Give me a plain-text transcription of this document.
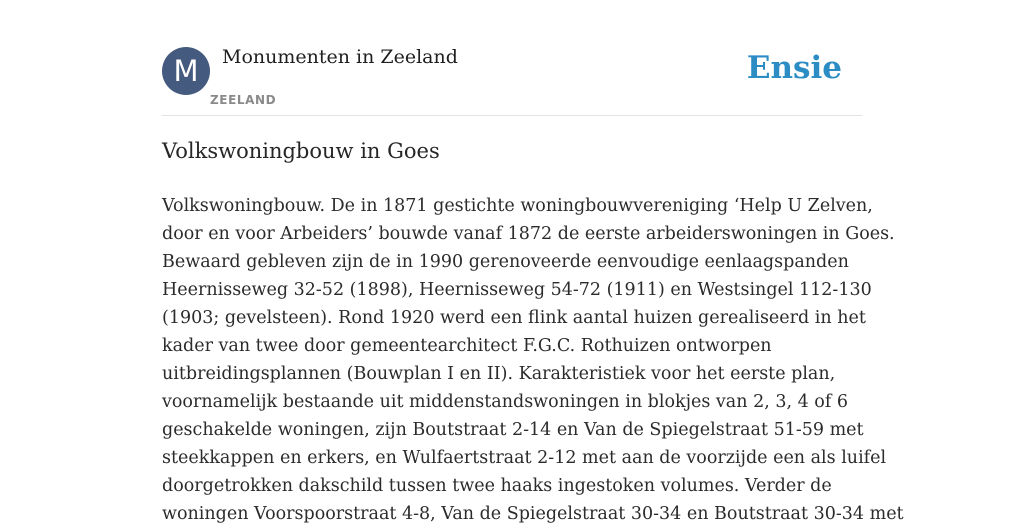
M	Monumenten in Zeeland
ZEELAND
Ensie
Volkswoningbouw in Goes

Volkswoningbouw. De in 1871 gestichte woningbouwvereniging ‘Help U Zelven,
door en voor Arbeiders’ bouwde vanaf 1872 de eerste arbeiderswoningen in Goes.
Bewaard gebleven zijn de in 1990 gerenoveerde eenvoudige eenlaagspanden
Heernisseweg 32-52 (1898), Heernisseweg 54-72 (1911) en Westsingel 112-130
(1903; gevelsteen). Rond 1920 werd een flink aantal huizen gerealiseerd in het
kader van twee door gemeentearchitect F.G.C. Rothuizen ontworpen
uitbreidingsplannen (Bouwplan I en II). Karakteristiek voor het eerste plan,
voornamelijk bestaande uit middenstandswoningen in blokjes van 2, 3, 4 of 6
geschakelde woningen, zijn Boutstraat 2-14 en Van de Spiegelstraat 51-59 met
steekkappen en erkers, en Wulfaertstraat 2-12 met aan de voorzijde een als luifel
doorgetrokken dakschild tussen twee haaks ingestoken volumes. Verder de
woningen Voorspoorstraat 4-8, Van de Spiegelstraat 30-34 en Boutstraat 30-34 met
